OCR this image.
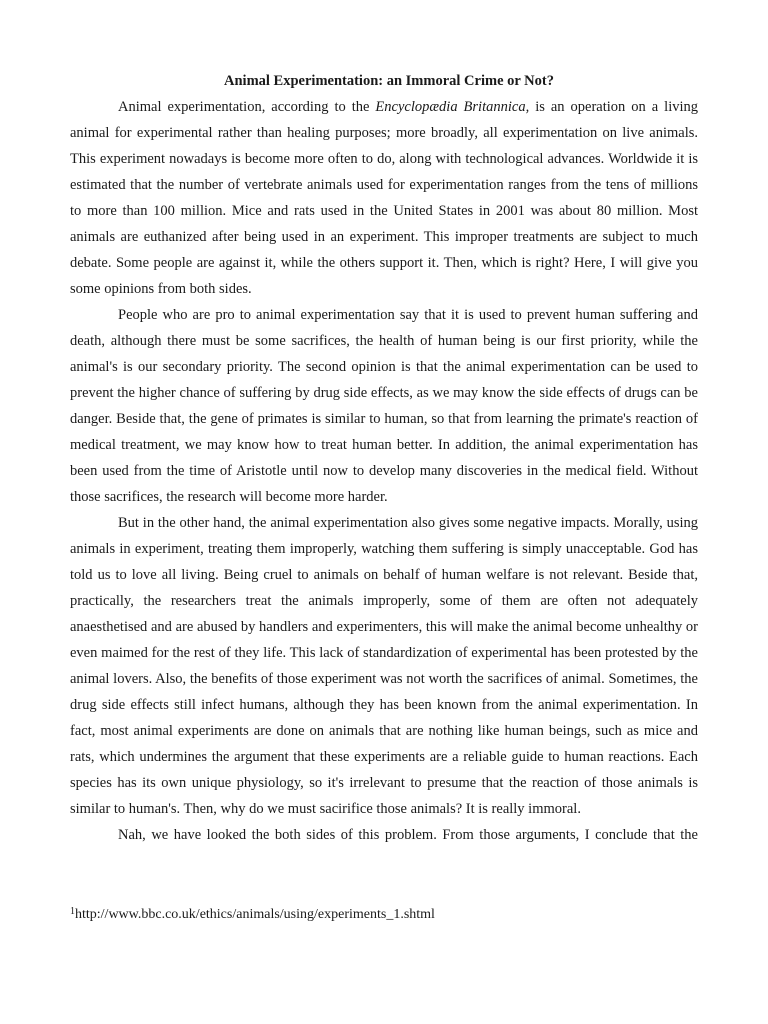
Animal Experimentation: an Immoral Crime or Not?

Animal experimentation, according to the Encyclopædia Britannica, is an operation on a living animal for experimental rather than healing purposes; more broadly, all experimentation on live animals. This experiment nowadays is become more often to do, along with technological advances. Worldwide it is estimated that the number of vertebrate animals used for experimentation ranges from the tens of millions to more than 100 million. Mice and rats used in the United States in 2001 was about 80 million. Most animals are euthanized after being used in an experiment. This improper treatments are subject to much debate. Some people are against it, while the others support it. Then, which is right? Here, I will give you some opinions from both sides.

People who are pro to animal experimentation say that it is used to prevent human suffering and death, although there must be some sacrifices, the health of human being is our first priority, while the animal's is our secondary priority. The second opinion is that the animal experimentation can be used to prevent the higher chance of suffering by drug side effects, as we may know the side effects of drugs can be danger. Beside that, the gene of primates is similar to human, so that from learning the primate's reaction of medical treatment, we may know how to treat human better. In addition, the animal experimentation has been used from the time of Aristotle until now to develop many discoveries in the medical field. Without those sacrifices, the research will become more harder.

But in the other hand, the animal experimentation also gives some negative impacts. Morally, using animals in experiment, treating them improperly, watching them suffering is simply unacceptable. God has told us to love all living. Being cruel to animals on behalf of human welfare is not relevant. Beside that, practically, the researchers treat the animals improperly, some of them are often not adequately anaesthetised and are abused by handlers and experimenters, this will make the animal become unhealthy or even maimed for the rest of they life. This lack of standardization of experimental has been protested by the animal lovers. Also, the benefits of those experiment was not worth the sacrifices of animal. Sometimes, the drug side effects still infect humans, although they has been known from the animal experimentation. In fact, most animal experiments are done on animals that are nothing like human beings, such as mice and rats, which undermines the argument that these experiments are a reliable guide to human reactions. Each species has its own unique physiology, so it's irrelevant to presume that the reaction of those animals is similar to human's. Then, why do we must sacirifice those animals? It is really immoral.

Nah, we have looked the both sides of this problem. From those arguments, I conclude that the

$^1$http://www.bbc.co.uk/ethics/animals/using/experiments_1.shtml
